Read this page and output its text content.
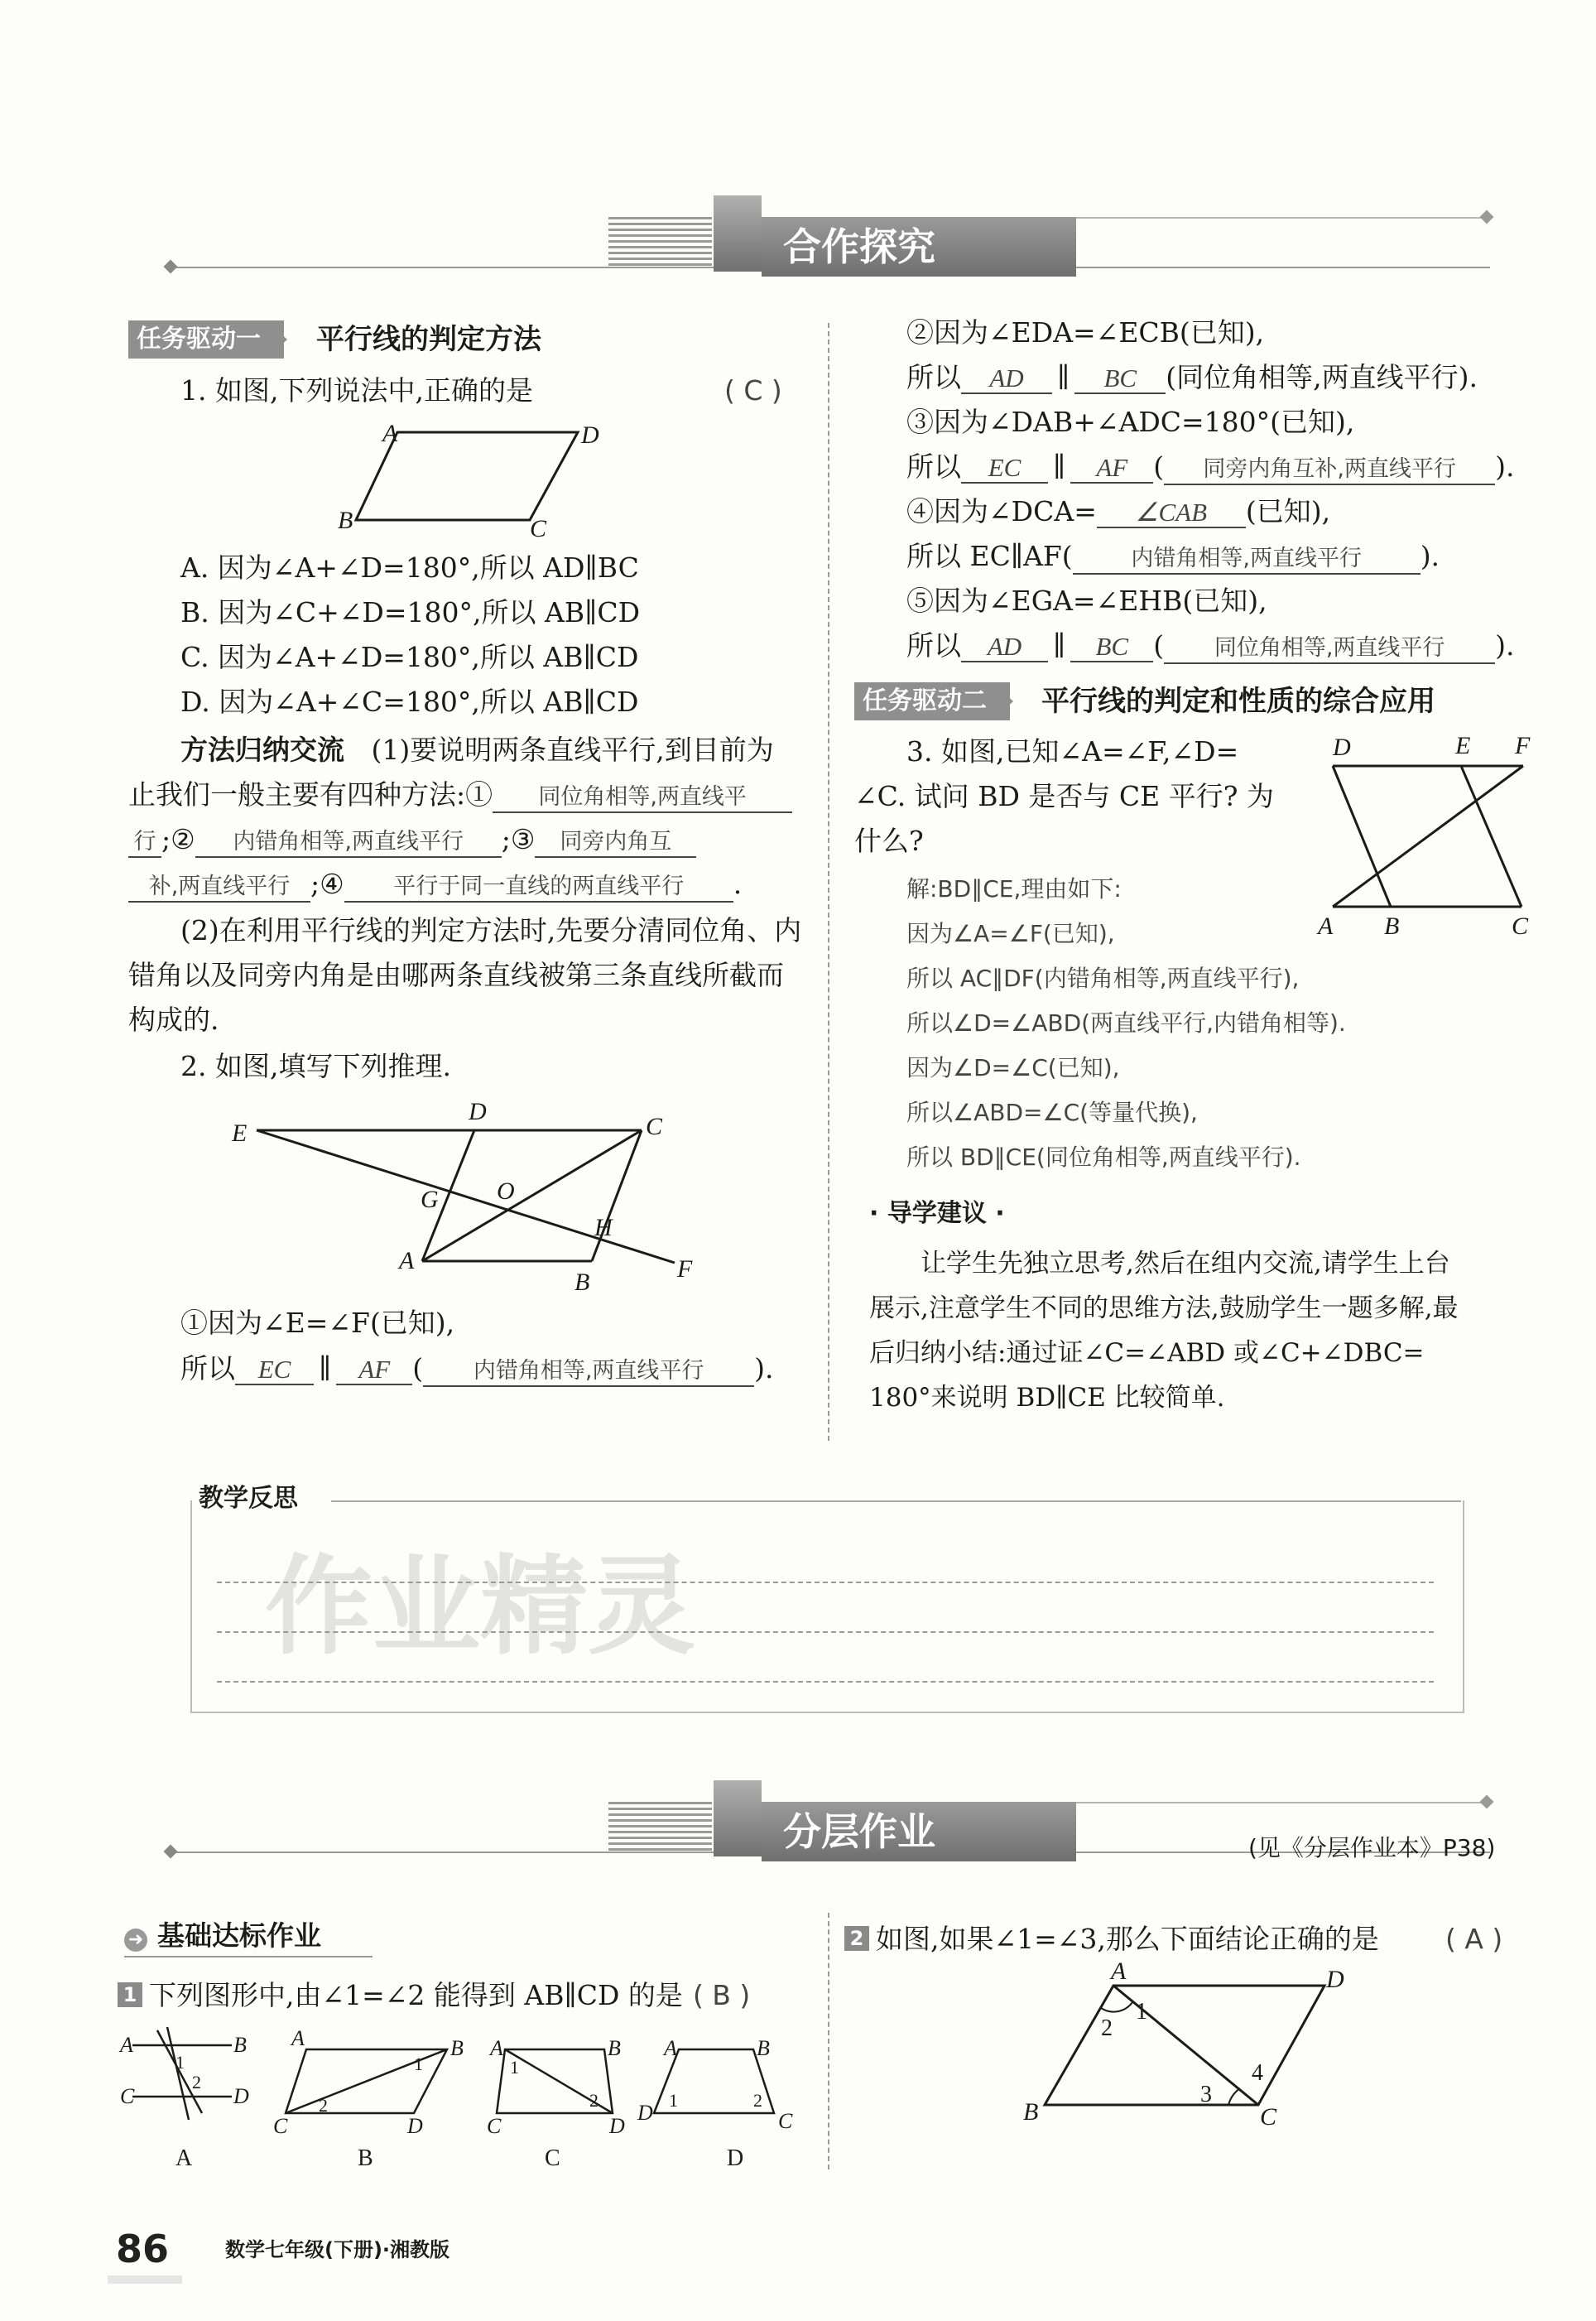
合作探究
任务驱动一	平行线的判定方法
1. 如图,下列说法中,正确的是	( C )
A	D
B	C
A. 因为∠A+∠D=180°,所以 AD∥BC
B. 因为∠C+∠D=180°,所以 AB∥CD
C. 因为∠A+∠D=180°,所以 AB∥CD
D. 因为∠A+∠C=180°,所以 AB∥CD
方法归纳交流 (1)要说明两条直线平行,到目前为
止我们一般主要有四种方法:① 同位角相等,两直线平
行 ;② 内错角相等,两直线平行 ;③ 同旁内角互
补,两直线平行 ;④ 平行于同一直线的两直线平行 .
(2)在利用平行线的判定方法时,先要分清同位角、内
错角以及同旁内角是由哪两条直线被第三条直线所截而
构成的.
2. 如图,填写下列推理.
E
D
C
G O
H
A
B	F
①因为∠E=∠F(已知),
所以 EC ∥ AF ( 内错角相等,两直线平行 ).
②因为∠EDA=∠ECB(已知),
所以 AD ∥ BC (同位角相等,两直线平行).
③因为∠DAB+∠ADC=180°(已知),
所以 EC ∥ AF ( 同旁内角互补,两直线平行 ).
④因为∠DCA= ∠CAB (已知),
所以 EC∥AF(	内错角相等,两直线平行 ).
⑤因为∠EGA=∠EHB(已知),
所以 AD ∥ BC ( 同位角相等,两直线平行 ).
任务驱动二	平行线的判定和性质的综合应用
3. 如图,已知∠A=∠F,∠D=
∠C. 试问 BD 是否与 CE 平行? 为
什么?
D	E F
A B	C
解:BD∥CE,理由如下:
因为∠A=∠F(已知),
所以 AC∥DF(内错角相等,两直线平行),
所以∠D=∠ABD(两直线平行,内错角相等).
因为∠D=∠C(已知),
所以∠ABD=∠C(等量代换),
所以 BD∥CE(同位角相等,两直线平行).
· 导学建议 ·
让学生先独立思考,然后在组内交流,请学生上台
展示,注意学生不同的思维方法,鼓励学生一题多解,最
后归纳小结:通过证∠C=∠ABD 或∠C+∠DBC=
180°来说明 BD∥CE 比较简单.
教学反思
作业精灵
分层作业	(见《分层作业本》P38)
➜ 基础达标作业
1 下列图形中,由∠1=∠2 能得到 AB∥CD 的是 ( B )
A	B
C	D
1
2
A
A	B
C	D
1
2
B
A	B
C	D
1
2
C
A	B
D	C
1	2
D
2 如图,如果∠1=∠3,那么下面结论正确的是 ( A )
A	D
B	C
1
2
3
4
86	数学七年级(下册)·湘教版
